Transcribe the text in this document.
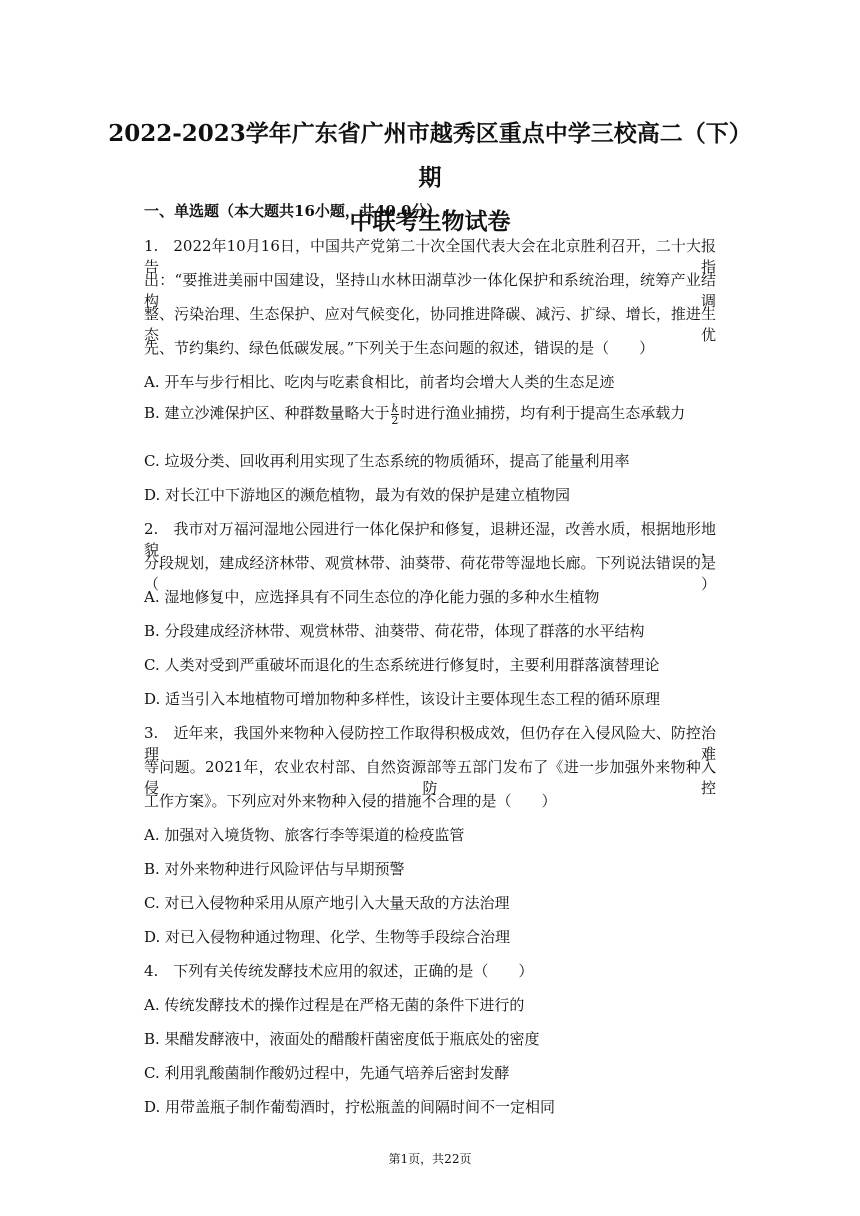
2022-2023学年广东省广州市越秀区重点中学三校高二（下）期
中联考生物试卷
一、单选题（本大题共16小题，共40.0分）
1.　2022年10月16日，中国共产党第二十次全国代表大会在北京胜利召开，二十大报告指
出：“要推进美丽中国建设，坚持山水林田湖草沙一体化保护和系统治理，统筹产业结构调
整、污染治理、生态保护、应对气候变化，协同推进降碳、减污、扩绿、增长，推进生态优
先、节约集约、绿色低碳发展。”下列关于生态问题的叙述，错误的是（　　）
A. 开车与步行相比、吃肉与吃素食相比，前者均会增大人类的生态足迹
B. 建立沙滩保护区、种群数量略大于 $\frac{k}{2}$ 时进行渔业捕捞，均有利于提高生态承载力
C. 垃圾分类、回收再利用实现了生态系统的物质循环，提高了能量利用率
D. 对长江中下游地区的濒危植物，最为有效的保护是建立植物园
2.　我市对万福河湿地公园进行一体化保护和修复，退耕还湿，改善水质，根据地形地貌，
分段规划，建成经济林带、观赏林带、油葵带、荷花带等湿地长廊。下列说法错误的是（）
A. 湿地修复中，应选择具有不同生态位的净化能力强的多种水生植物
B. 分段建成经济林带、观赏林带、油葵带、荷花带，体现了群落的水平结构
C. 人类对受到严重破坏而退化的生态系统进行修复时，主要利用群落演替理论
D. 适当引入本地植物可增加物种多样性，该设计主要体现生态工程的循环原理
3.　近年来，我国外来物种入侵防控工作取得积极成效，但仍存在入侵风险大、防控治理难
等问题。2021年，农业农村部、自然资源部等五部门发布了《进一步加强外来物种入侵防控
工作方案》。下列应对外来物种入侵的措施不合理的是（　　）
A. 加强对入境货物、旅客行李等渠道的检疫监管
B. 对外来物种进行风险评估与早期预警
C. 对已入侵物种采用从原产地引入大量天敌的方法治理
D. 对已入侵物种通过物理、化学、生物等手段综合治理
4.　下列有关传统发酵技术应用的叙述，正确的是（　　）
A. 传统发酵技术的操作过程是在严格无菌的条件下进行的
B. 果醋发酵液中，液面处的醋酸杆菌密度低于瓶底处的密度
C. 利用乳酸菌制作酸奶过程中，先通气培养后密封发酵
D. 用带盖瓶子制作葡萄酒时，拧松瓶盖的间隔时间不一定相同
第1页，共22页
